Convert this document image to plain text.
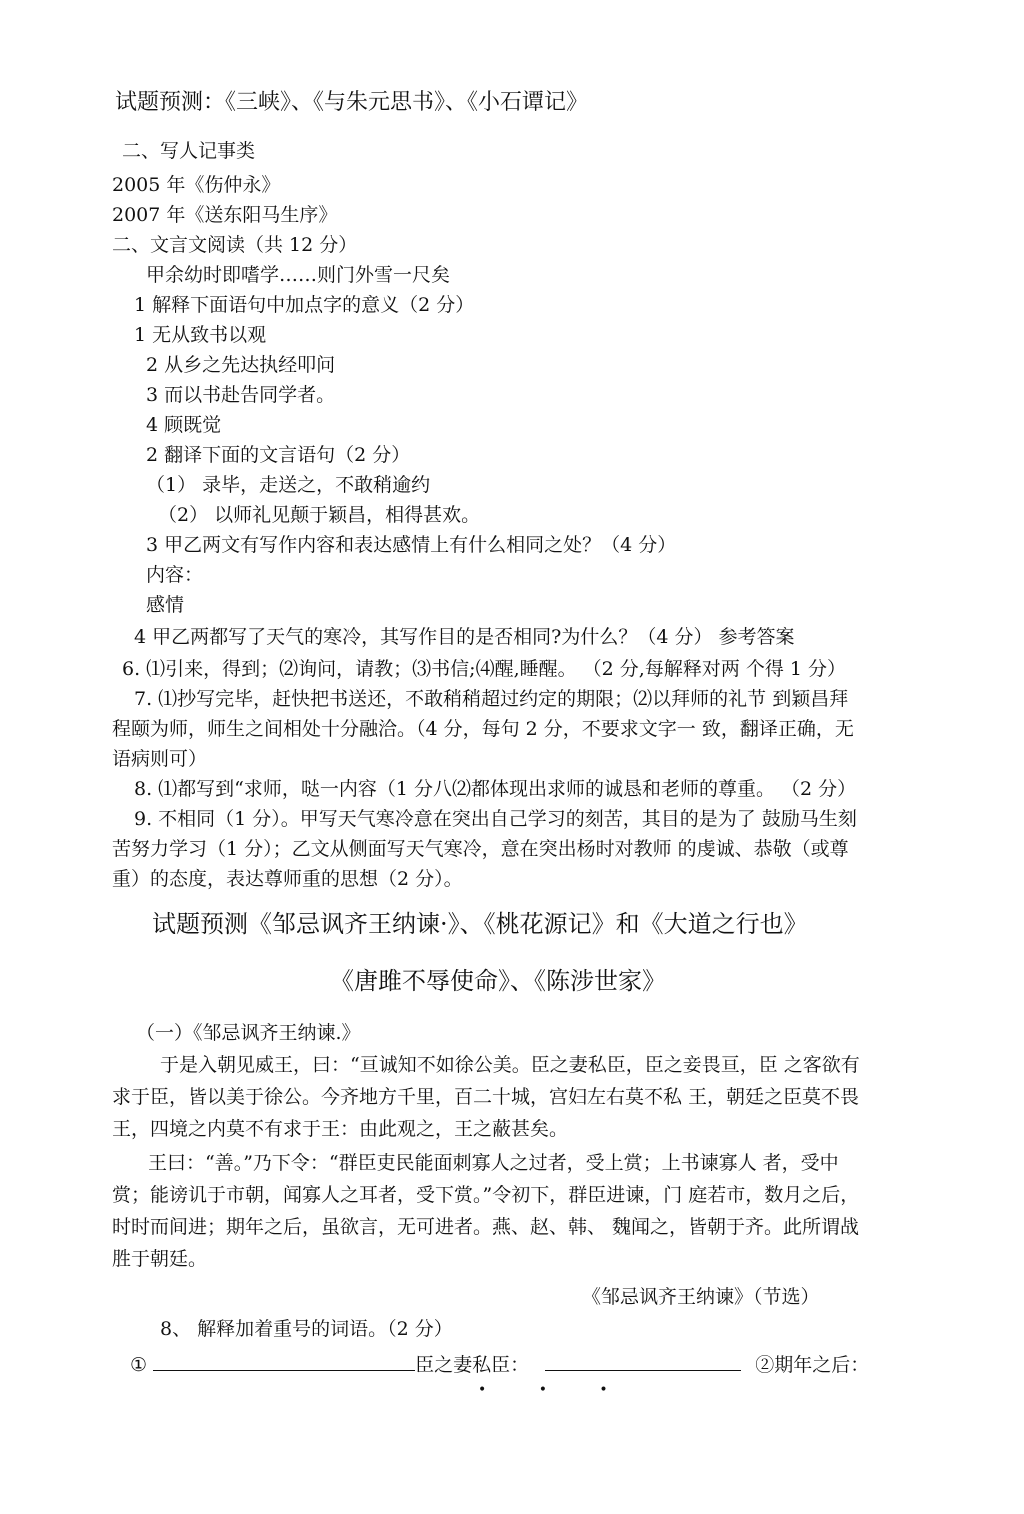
试题预测：《三峡》、《与朱元思书》、《小石谭记》
二、写人记事类
2005 年《伤仲永》
2007 年《送东阳马生序》
二、文言文阅读（共 12 分）
甲余幼时即嗜学……则门外雪一尺矣
1 解释下面语句中加点字的意义（2 分）
1 无从致书以观
2 从乡之先达执经叩问
3 而以书赴告同学者。
4 顾既觉
2 翻译下面的文言语句（2 分）
（1） 录毕，走送之，不敢稍逾约
（2） 以师礼见颠于颖昌，相得甚欢。
3 甲乙两文有写作内容和表达感情上有什么相同之处？（4 分）
内容：
感情
4 甲乙两都写了天气的寒冷，其写作目的是否相同?为什么？（4 分） 参考答案
6. ⑴引来，得到；⑵询问，请教；⑶书信;⑷醒,睡醒。 （2 分,每解释对两 个得 1 分）
7. ⑴抄写完毕，赶快把书送还，不敢稍稍超过约定的期限；⑵以拜师的礼节 到颖昌拜
程颐为师，师生之间相处十分融洽。（4 分，每句 2 分，不要求文字一 致，翻译正确，无
语病则可）
8. ⑴都写到“求师，哒一内容（1 分八⑵都体现出求师的诚恳和老师的尊重。 （2 分）
9. 不相同（1 分）。甲写天气寒冷意在突出自己学习的刻苦，其目的是为了 鼓励马生刻
苦努力学习（1 分）；乙文从侧面写天气寒冷，意在突出杨时对教师 的虔诚、恭敬（或尊
重）的态度，表达尊师重的思想（2 分）。
试题预测《邹忌讽齐王纳谏·》、《桃花源记》和《大道之行也》
《唐雎不辱使命》、《陈涉世家》
（一）《邹忌讽齐王纳谏.》
于是入朝见威王，曰：“亘诚知不如徐公美。臣之妻私臣，臣之妾畏亘，臣 之客欲有
求于臣，皆以美于徐公。今齐地方千里，百二十城，宫妇左右莫不私 王，朝廷之臣莫不畏
王，四境之内莫不有求于王：由此观之，王之蔽甚矣。
王曰：“善。”乃下令：“群臣吏民能面刺寡人之过者，受上赏；上书谏寡人 者，受中
赏；能谤讥于市朝，闻寡人之耳者，受下赏。”令初下，群臣进谏，门 庭若市，数月之后，
时时而间进；期年之后，虽欲言，无可进者。燕、赵、韩、 魏闻之，皆朝于齐。此所谓战
胜于朝廷。
《邹忌讽齐王纳谏》（节选）
8、 解释加着重号的词语。（2 分）
①	臣之妻私臣：	②期年之后：
• • •
